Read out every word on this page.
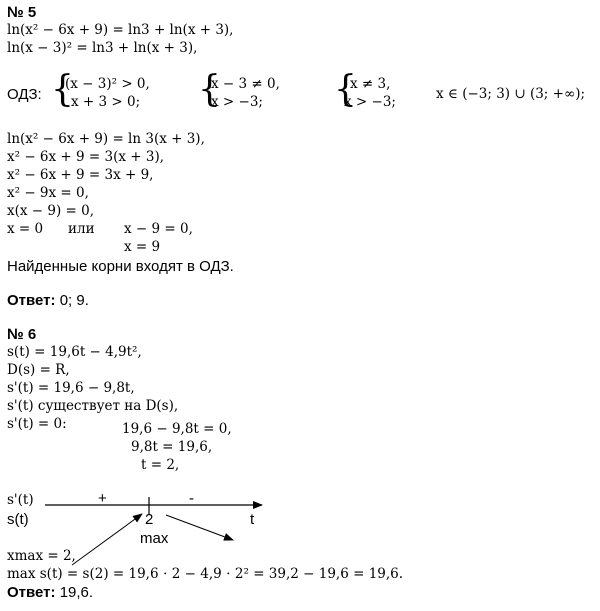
№ 5
ln(x² − 6x + 9) = ln3 + ln(x + 3),
ln(x − 3)² = ln3 + ln(x + 3),
ОДЗ: {
(x − 3)² > 0,
x + 3 > 0; {
x − 3 ≠ 0,
x > −3; {
x ≠ 3,
x > −3;	x ∈ (−3; 3) ∪ (3; +∞);
ln(x² − 6x + 9) = ln 3(x + 3),
x² − 6x + 9 = 3(x + 3),
x² − 6x + 9 = 3x + 9,
x² − 9x = 0,
x(x − 9) = 0,
x = 0 или x − 9 = 0,
x = 9
Найденные корни входят в ОДЗ.
Ответ: 0; 9.
№ 6
s(t) = 19,6t − 4,9t²,
D(s) = R,
s'(t) = 19,6 − 9,8t,
s'(t) существует на D(s),
s'(t) = 0:	19,6 − 9,8t = 0,
9,8t = 19,6,
t = 2,
s'(t)
s(t)
+	-
2	t
max
xmax = 2,
max s(t) = s(2) = 19,6 ⋅ 2 − 4,9 ⋅ 2² = 39,2 − 19,6 = 19,6.
Ответ: 19,6.
